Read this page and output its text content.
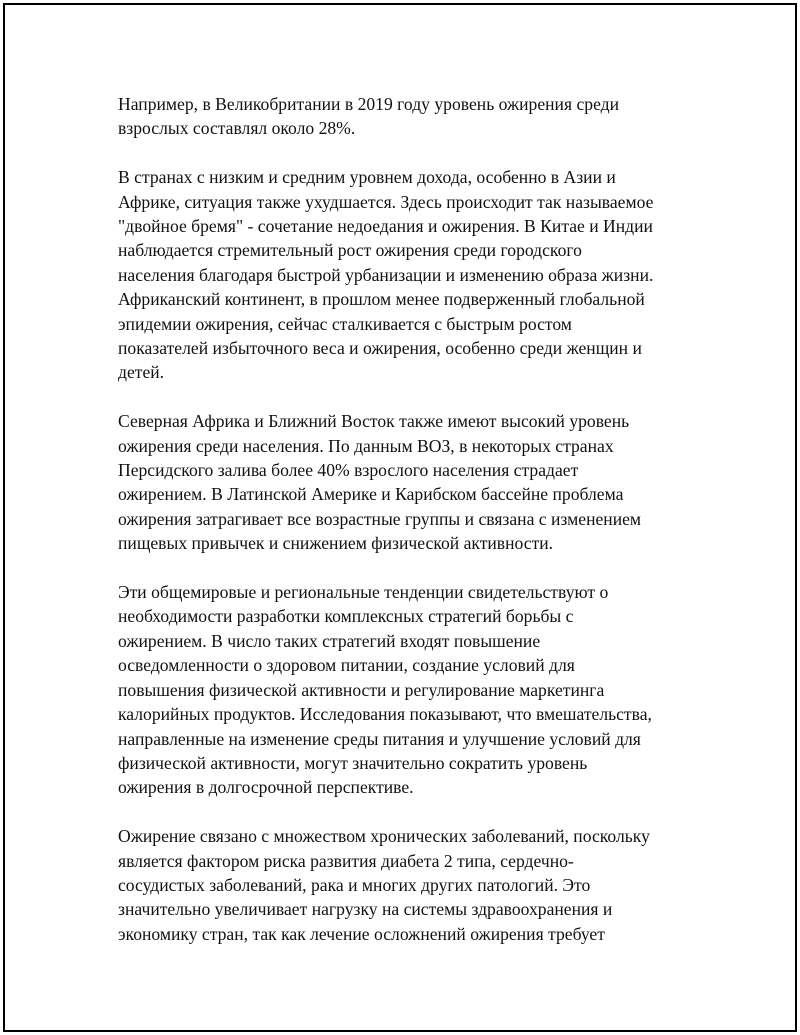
Например, в Великобритании в 2019 году уровень ожирения среди
взрослых составлял около 28%.

В странах с низким и средним уровнем дохода, особенно в Азии и
Африке, ситуация также ухудшается. Здесь происходит так называемое
"двойное бремя" - сочетание недоедания и ожирения. В Китае и Индии
наблюдается стремительный рост ожирения среди городского
населения благодаря быстрой урбанизации и изменению образа жизни.
Африканский континент, в прошлом менее подверженный глобальной
эпидемии ожирения, сейчас сталкивается с быстрым ростом
показателей избыточного веса и ожирения, особенно среди женщин и
детей.

Северная Африка и Ближний Восток также имеют высокий уровень
ожирения среди населения. По данным ВОЗ, в некоторых странах
Персидского залива более 40% взрослого населения страдает
ожирением. В Латинской Америке и Карибском бассейне проблема
ожирения затрагивает все возрастные группы и связана с изменением
пищевых привычек и снижением физической активности.

Эти общемировые и региональные тенденции свидетельствуют о
необходимости разработки комплексных стратегий борьбы с
ожирением. В число таких стратегий входят повышение
осведомленности о здоровом питании, создание условий для
повышения физической активности и регулирование маркетинга
калорийных продуктов. Исследования показывают, что вмешательства,
направленные на изменение среды питания и улучшение условий для
физической активности, могут значительно сократить уровень
ожирения в долгосрочной перспективе.

Ожирение связано с множеством хронических заболеваний, поскольку
является фактором риска развития диабета 2 типа, сердечно-
сосудистых заболеваний, рака и многих других патологий. Это
значительно увеличивает нагрузку на системы здравоохранения и
экономику стран, так как лечение осложнений ожирения требует
